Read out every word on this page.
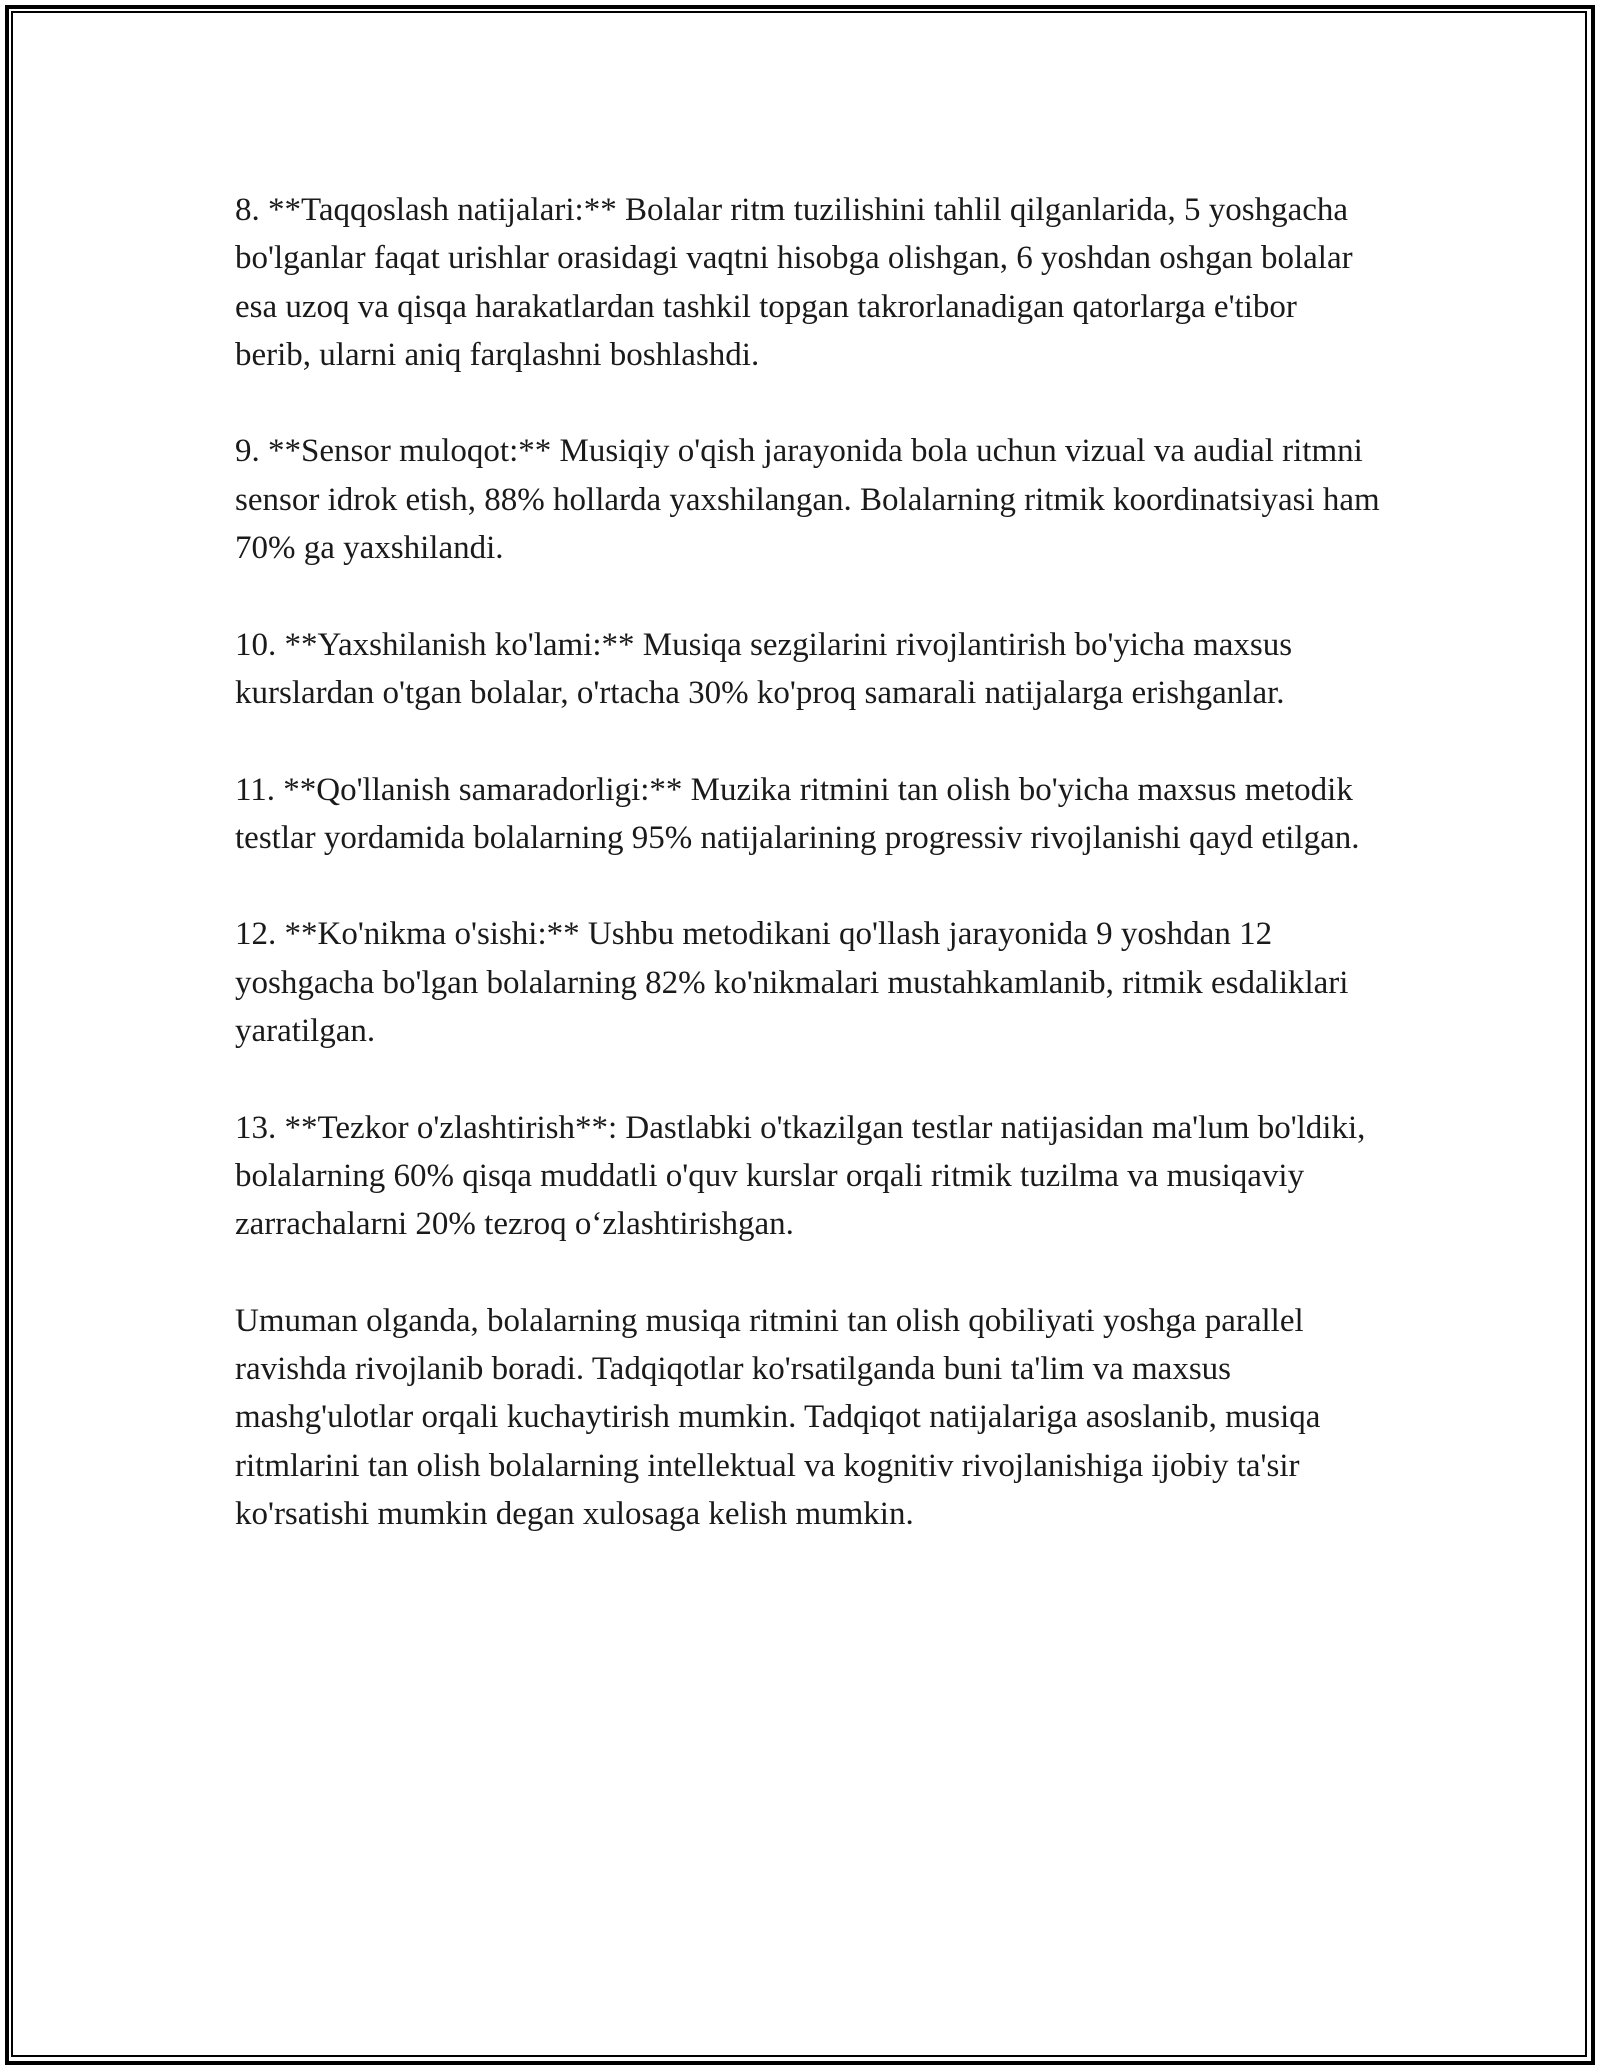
8. **Taqqoslash natijalari:** Bolalar ritm tuzilishini tahlil qilganlarida, 5 yoshgacha bo'lganlar faqat urishlar orasidagi vaqtni hisobga olishgan, 6 yoshdan oshgan bolalar esa uzoq va qisqa harakatlardan tashkil topgan takrorlanadigan qatorlarga e'tibor berib, ularni aniq farqlashni boshlashdi.

9. **Sensor muloqot:** Musiqiy o'qish jarayonida bola uchun vizual va audial ritmni sensor idrok etish, 88% hollarda yaxshilangan. Bolalarning ritmik koordinatsiyasi ham 70% ga yaxshilandi.

10. **Yaxshilanish ko'lami:** Musiqa sezgilarini rivojlantirish bo'yicha maxsus kurslardan o'tgan bolalar, o'rtacha 30% ko'proq samarali natijalarga erishganlar.

11. **Qo'llanish samaradorligi:** Muzika ritmini tan olish bo'yicha maxsus metodik testlar yordamida bolalarning 95% natijalarining progressiv rivojlanishi qayd etilgan.

12. **Ko'nikma o'sishi:** Ushbu metodikani qo'llash jarayonida 9 yoshdan 12 yoshgacha bo'lgan bolalarning 82% ko'nikmalari mustahkamlanib, ritmik esdaliklari yaratilgan.

13. **Tezkor o'zlashtirish**: Dastlabki o'tkazilgan testlar natijasidan ma'lum bo'ldiki, bolalarning 60% qisqa muddatli o'quv kurslar orqali ritmik tuzilma va musiqaviy zarrachalarni 20% tezroq o‘zlashtirishgan.

Umuman olganda, bolalarning musiqa ritmini tan olish qobiliyati yoshga parallel ravishda rivojlanib boradi. Tadqiqotlar ko'rsatilganda buni ta'lim va maxsus mashg'ulotlar orqali kuchaytirish mumkin. Tadqiqot natijalariga asoslanib, musiqa ritmlarini tan olish bolalarning intellektual va kognitiv rivojlanishiga ijobiy ta'sir ko'rsatishi mumkin degan xulosaga kelish mumkin.
